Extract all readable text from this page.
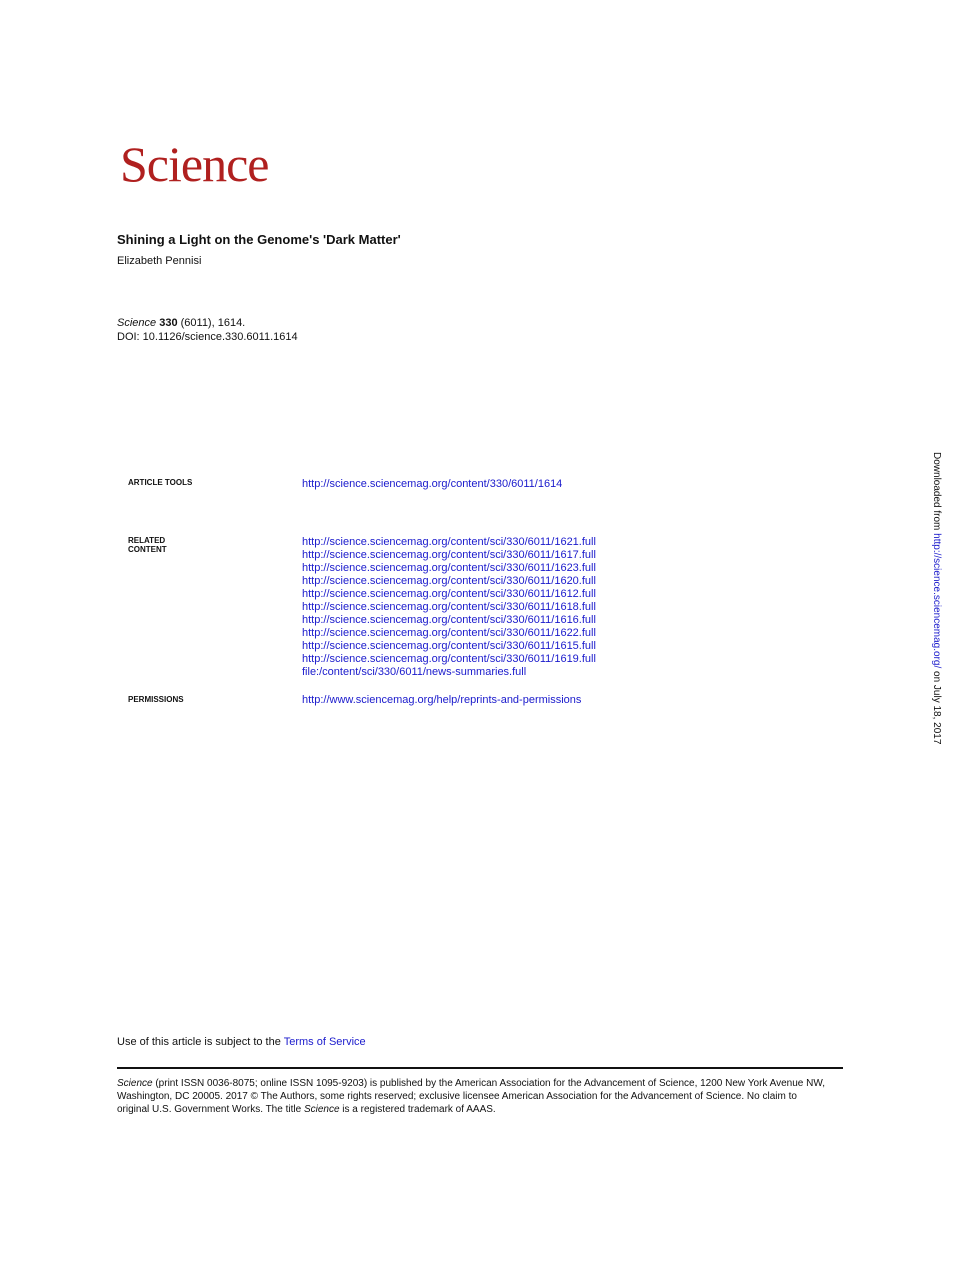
Science
Shining a Light on the Genome's 'Dark Matter'
Elizabeth Pennisi
Science 330 (6011), 1614.
DOI: 10.1126/science.330.6011.1614
ARTICLE TOOLS	http://science.sciencemag.org/content/330/6011/1614
RELATED
CONTENT
http://science.sciencemag.org/content/sci/330/6011/1621.full
http://science.sciencemag.org/content/sci/330/6011/1617.full
http://science.sciencemag.org/content/sci/330/6011/1623.full
http://science.sciencemag.org/content/sci/330/6011/1620.full
http://science.sciencemag.org/content/sci/330/6011/1612.full
http://science.sciencemag.org/content/sci/330/6011/1618.full
http://science.sciencemag.org/content/sci/330/6011/1616.full
http://science.sciencemag.org/content/sci/330/6011/1622.full
http://science.sciencemag.org/content/sci/330/6011/1615.full
http://science.sciencemag.org/content/sci/330/6011/1619.full
file:/content/sci/330/6011/news-summaries.full
PERMISSIONS	http://www.sciencemag.org/help/reprints-and-permissions
Use of this article is subject to the Terms of Service
Science (print ISSN 0036-8075; online ISSN 1095-9203) is published by the American Association for the Advancement of Science, 1200 New York Avenue NW, Washington, DC 20005. 2017 © The Authors, some rights reserved; exclusive licensee American Association for the Advancement of Science. No claim to original U.S. Government Works. The title Science is a registered trademark of AAAS.
Downloaded from http://science.sciencemag.org/ on July 18, 2017
